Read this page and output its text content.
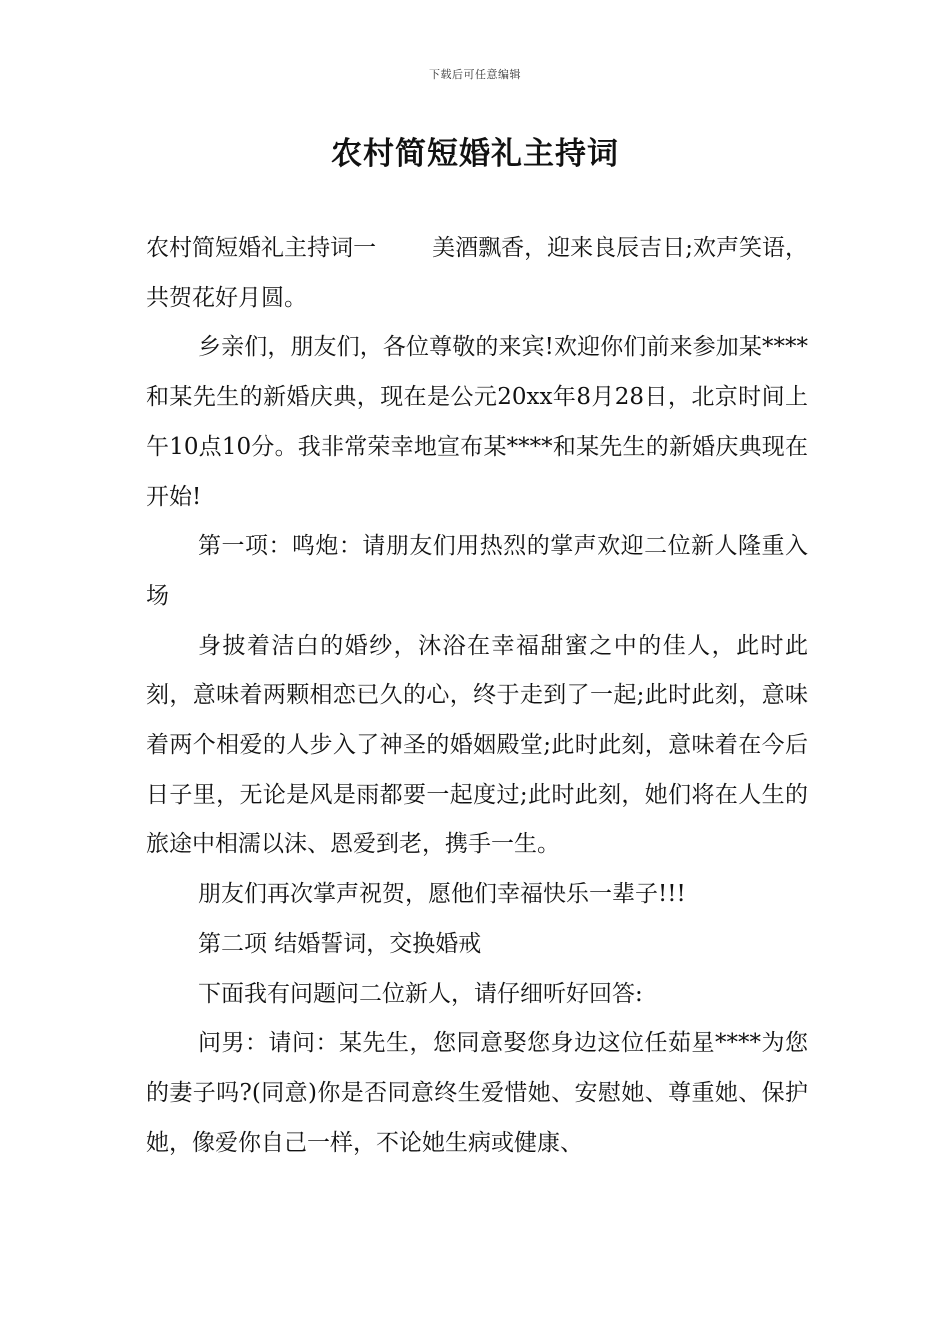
下载后可任意编辑
农村简短婚礼主持词

农村简短婚礼主持词一 美酒飘香，迎来良辰吉日;欢声笑语，共贺花好月圆。

乡亲们，朋友们，各位尊敬的来宾!欢迎你们前来参加某****和某先生的新婚庆典，现在是公元20xx年8月28日，北京时间上午10点10分。我非常荣幸地宣布某****和某先生的新婚庆典现在开始!

第一项：鸣炮：请朋友们用热烈的掌声欢迎二位新人隆重入场

身披着洁白的婚纱，沐浴在幸福甜蜜之中的佳人，此时此刻，意味着两颗相恋已久的心，终于走到了一起;此时此刻，意味着两个相爱的人步入了神圣的婚姻殿堂;此时此刻，意味着在今后日子里，无论是风是雨都要一起度过;此时此刻，她们将在人生的旅途中相濡以沫、恩爱到老，携手一生。

朋友们再次掌声祝贺，愿他们幸福快乐一辈子!!!

第二项 结婚誓词，交换婚戒

下面我有问题问二位新人，请仔细听好回答:

问男：请问：某先生，您同意娶您身边这位任茹星****为您的妻子吗?(同意)你是否同意终生爱惜她、安慰她、尊重她、保护她，像爱你自己一样，不论她生病或健康、
